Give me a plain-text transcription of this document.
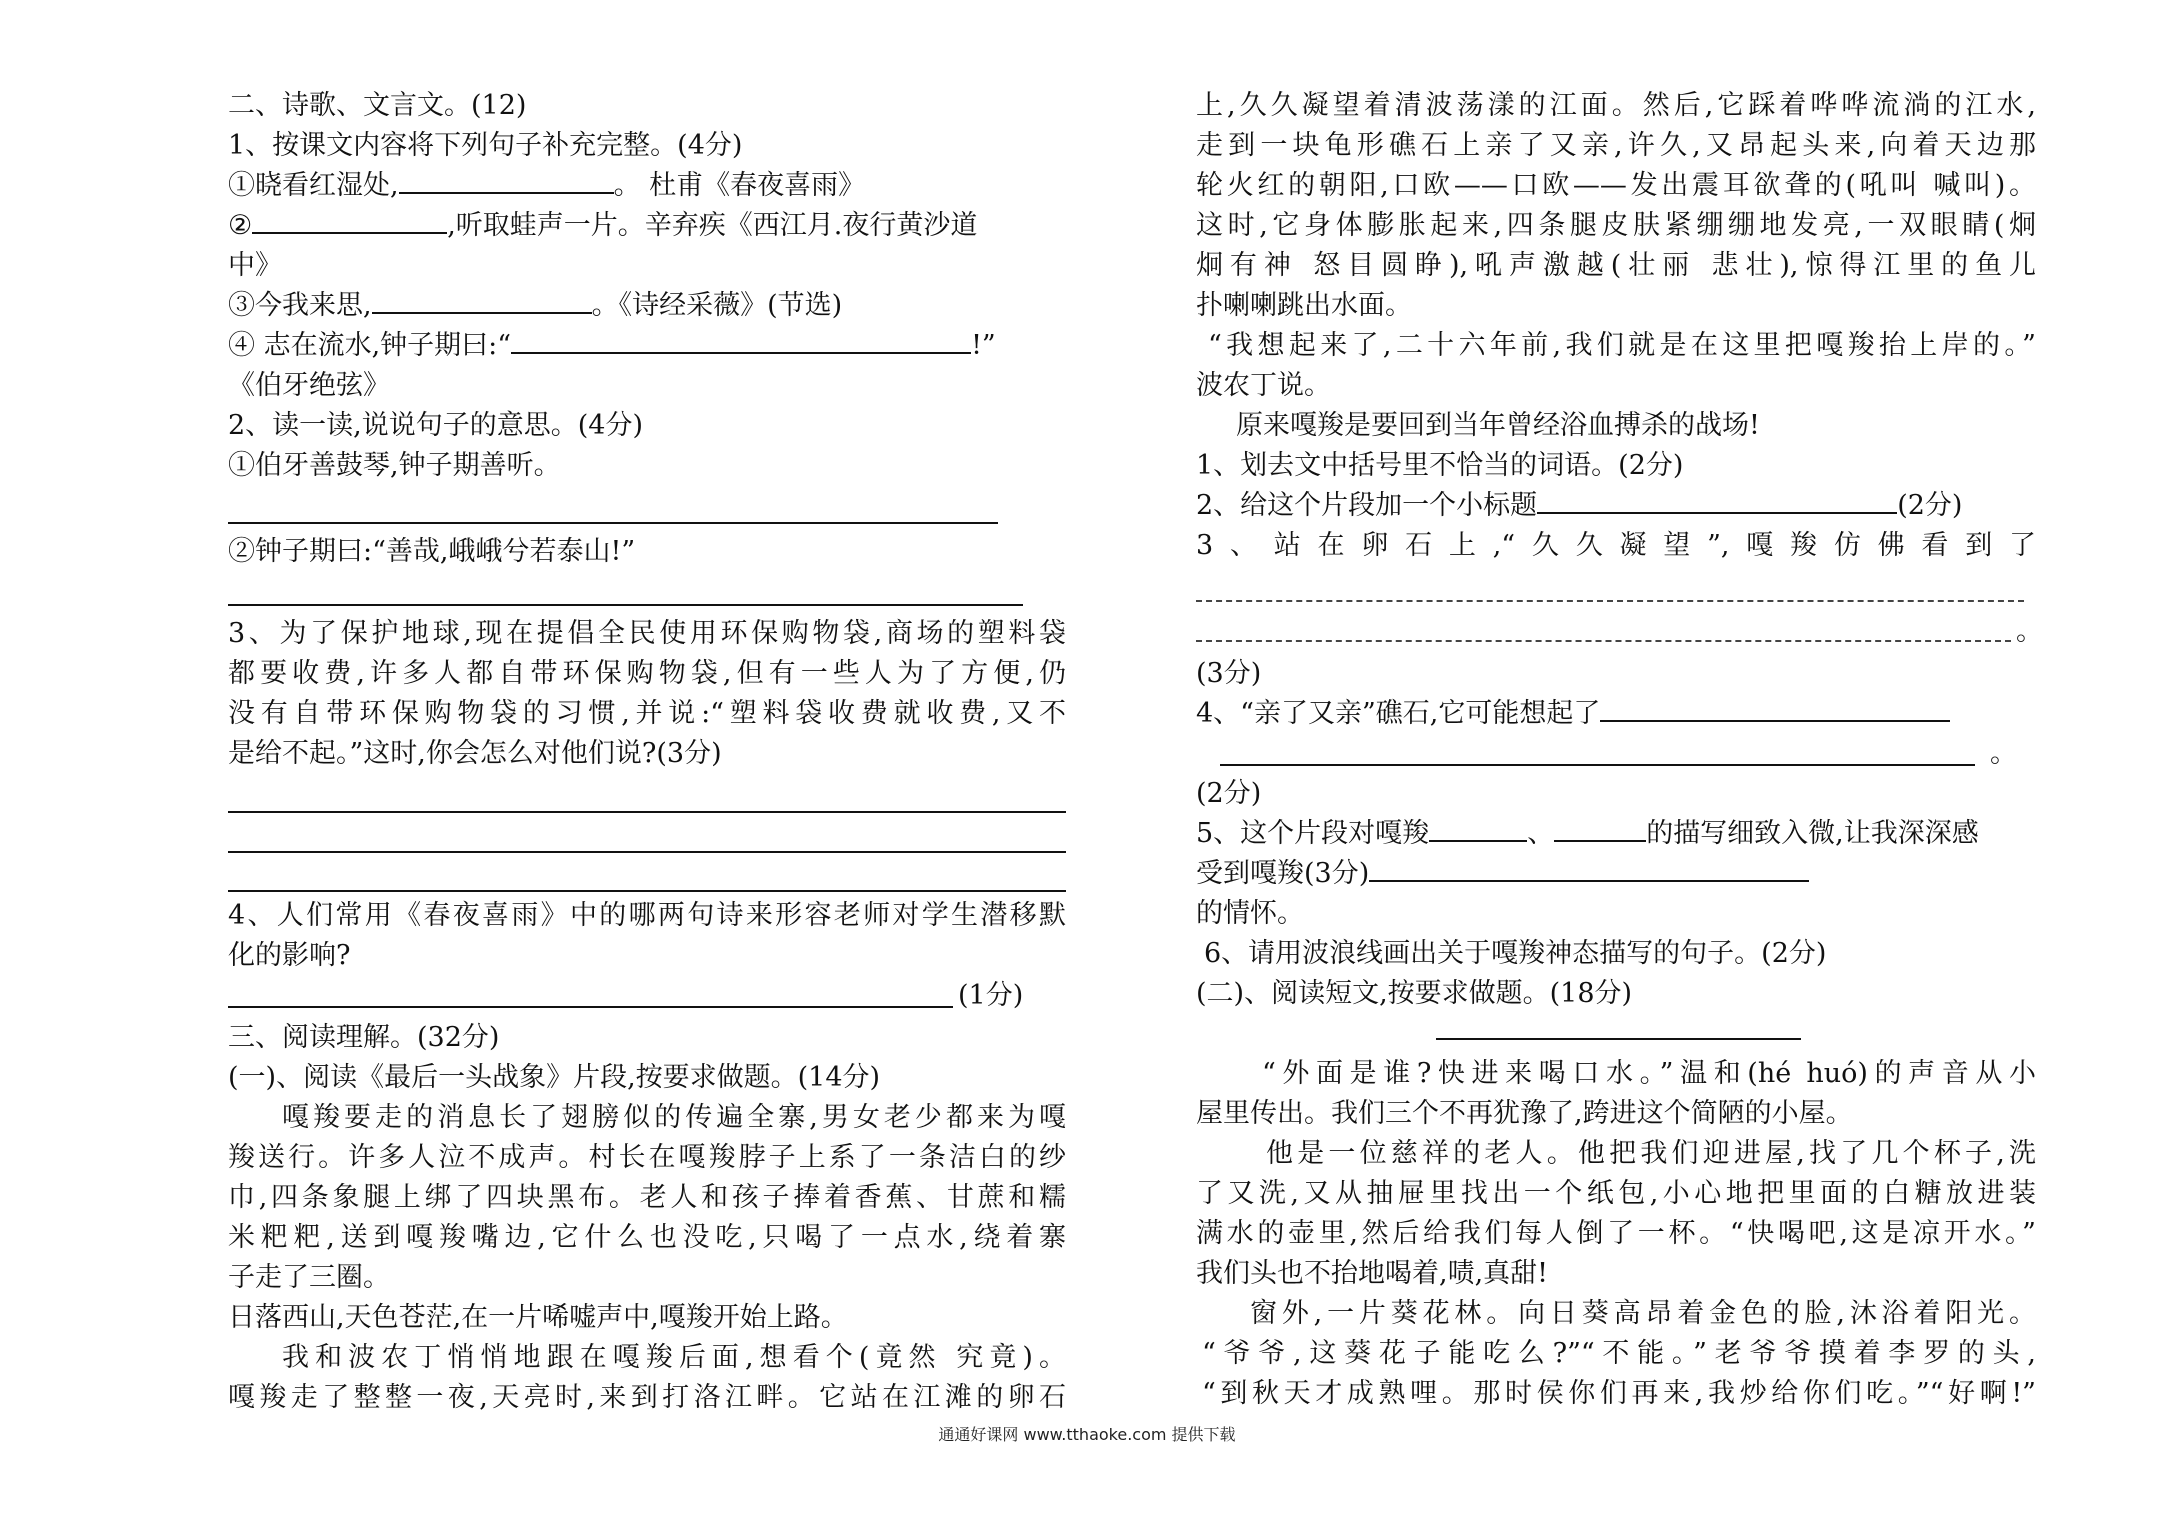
二、诗歌、文言文。(12)
1、按课文内容将下列句子补充完整。(4分)
①晓看红湿处,	。 杜甫《春夜喜雨》
②	,听取蛙声一片。辛弃疾《西江月.夜行黄沙道
中》
③今我来思,	。《诗经采薇》(节选)
④ 志在流水,钟子期曰:“	!”
《伯牙绝弦》
2、读一读,说说句子的意思。(4分)
①伯牙善鼓琴,钟子期善听。
②钟子期曰:“善哉,峨峨兮若泰山!”
3、为了保护地球,现在提倡全民使用环保购物袋,商场的塑料袋
都要收费,许多人都自带环保购物袋,但有一些人为了方便,仍
没有自带环保购物袋的习惯,并说:“塑料袋收费就收费,又不
是给不起。”这时,你会怎么对他们说?(3分)
4、人们常用《春夜喜雨》中的哪两句诗来形容老师对学生潜移默
化的影响?
(1分)
三、阅读理解。(32分)
(一)、阅读《最后一头战象》片段,按要求做题。(14分)
嘎羧要走的消息长了翅膀似的传遍全寨,男女老少都来为嘎
羧送行。许多人泣不成声。村长在嘎羧脖子上系了一条洁白的纱
巾,四条象腿上绑了四块黑布。老人和孩子捧着香蕉、甘蔗和糯
米粑粑,送到嘎羧嘴边,它什么也没吃,只喝了一点水,绕着寨
子走了三圈。
日落西山,天色苍茫,在一片唏嘘声中,嘎羧开始上路。
我和波农丁悄悄地跟在嘎羧后面,想看个(竟然 究竟)。
嘎羧走了整整一夜,天亮时,来到打洛江畔。它站在江滩的卵石
上,久久凝望着清波荡漾的江面。然后,它踩着哗哗流淌的江水,
走到一块龟形礁石上亲了又亲,许久,又昂起头来,向着天边那
轮火红的朝阳,口欧——口欧——发出震耳欲聋的(吼叫 喊叫)。
这时,它身体膨胀起来,四条腿皮肤紧绷绷地发亮,一双眼睛(炯
炯有神 怒目圆睁),吼声激越(壮丽 悲壮),惊得江里的鱼儿
扑喇喇跳出水面。
“我想起来了,二十六年前,我们就是在这里把嘎羧抬上岸的。”
波农丁说。
原来嘎羧是要回到当年曾经浴血搏杀的战场!
1、划去文中括号里不恰当的词语。(2分)
2、给这个片段加一个小标题	(2分)
3、站在卵石上,“久久凝望”,嘎羧仿佛看到了
。
(3分)
4、“亲了又亲”礁石,它可能想起了
。
(2分)
5、这个片段对嘎羧	、	的描写细致入微,让我深深感
受到嘎羧(3分)
的情怀。
6、请用波浪线画出关于嘎羧神态描写的句子。(2分)
(二)、阅读短文,按要求做题。(18分)
“外面是谁?快进来喝口水。”温和(hé huó)的声音从小
屋里传出。我们三个不再犹豫了,跨进这个简陋的小屋。
他是一位慈祥的老人。他把我们迎进屋,找了几个杯子,洗
了又洗,又从抽屉里找出一个纸包,小心地把里面的白糖放进装
满水的壶里,然后给我们每人倒了一杯。“快喝吧,这是凉开水。”
我们头也不抬地喝着,啧,真甜!
窗外,一片葵花林。向日葵高昂着金色的脸,沐浴着阳光。
“爷爷,这葵花子能吃么?”“不能。”老爷爷摸着李罗的头,
“到秋天才成熟哩。那时侯你们再来,我炒给你们吃。”“好啊!”
通通好课网 www.tthaoke.com 提供下载
